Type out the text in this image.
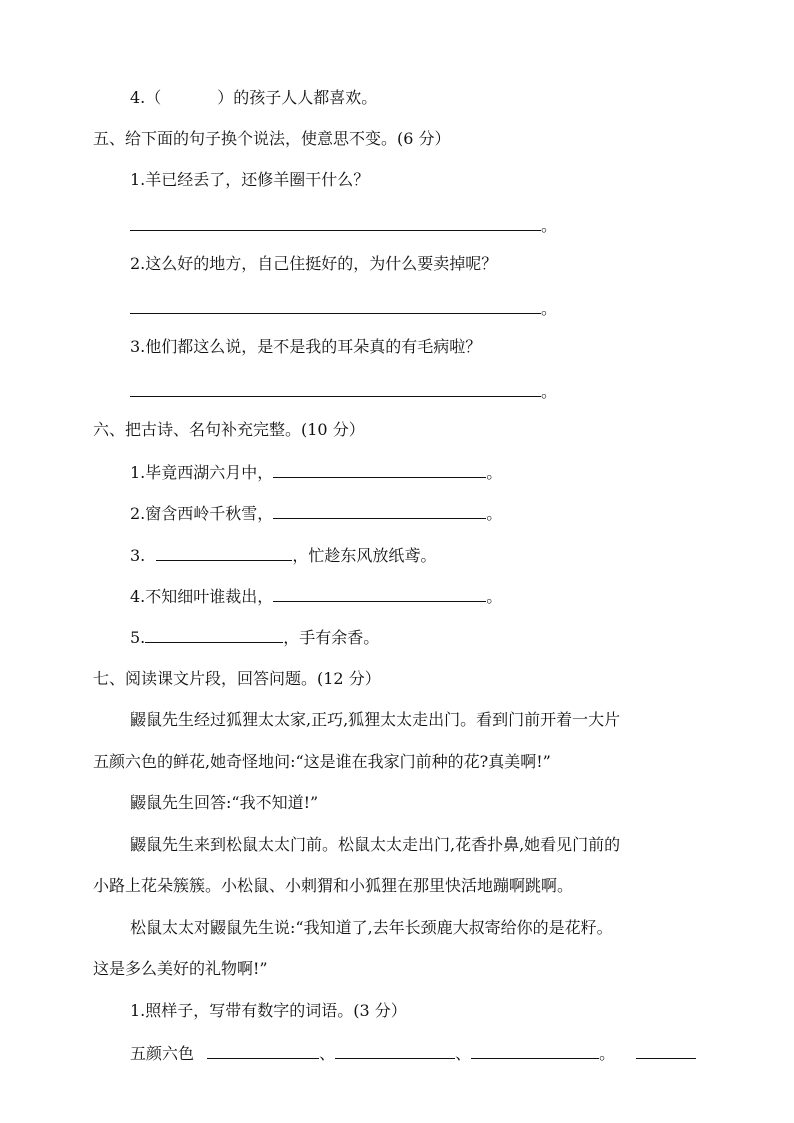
4.（	）的孩子人人都喜欢。
五、给下面的句子换个说法，使意思不变。(6 分）
1.羊已经丢了，还修羊圈干什么？
。
2.这么好的地方，自己住挺好的，为什么要卖掉呢？
。
3.他们都这么说，是不是我的耳朵真的有毛病啦？
。
六、把古诗、名句补充完整。(10 分）
1.毕竟西湖六月中，	。
2.窗含西岭千秋雪，	。
3.	，忙趁东风放纸鸢。
4.不知细叶谁裁出，	。
5.	，手有余香。
七、阅读课文片段，回答问题。(12 分）
鼹鼠先生经过狐狸太太家,正巧,狐狸太太走出门。看到门前开着一大片
五颜六色的鲜花,她奇怪地问:“这是谁在我家门前种的花?真美啊!”
鼹鼠先生回答:“我不知道!”
鼹鼠先生来到松鼠太太门前。松鼠太太走出门,花香扑鼻,她看见门前的
小路上花朵簇簇。小松鼠、小刺猬和小狐狸在那里快活地蹦啊跳啊。
松鼠太太对鼹鼠先生说:“我知道了,去年长颈鹿大叔寄给你的是花籽。
这是多么美好的礼物啊!”
1.照样子，写带有数字的词语。(3 分）
五颜六色	、	、	。
